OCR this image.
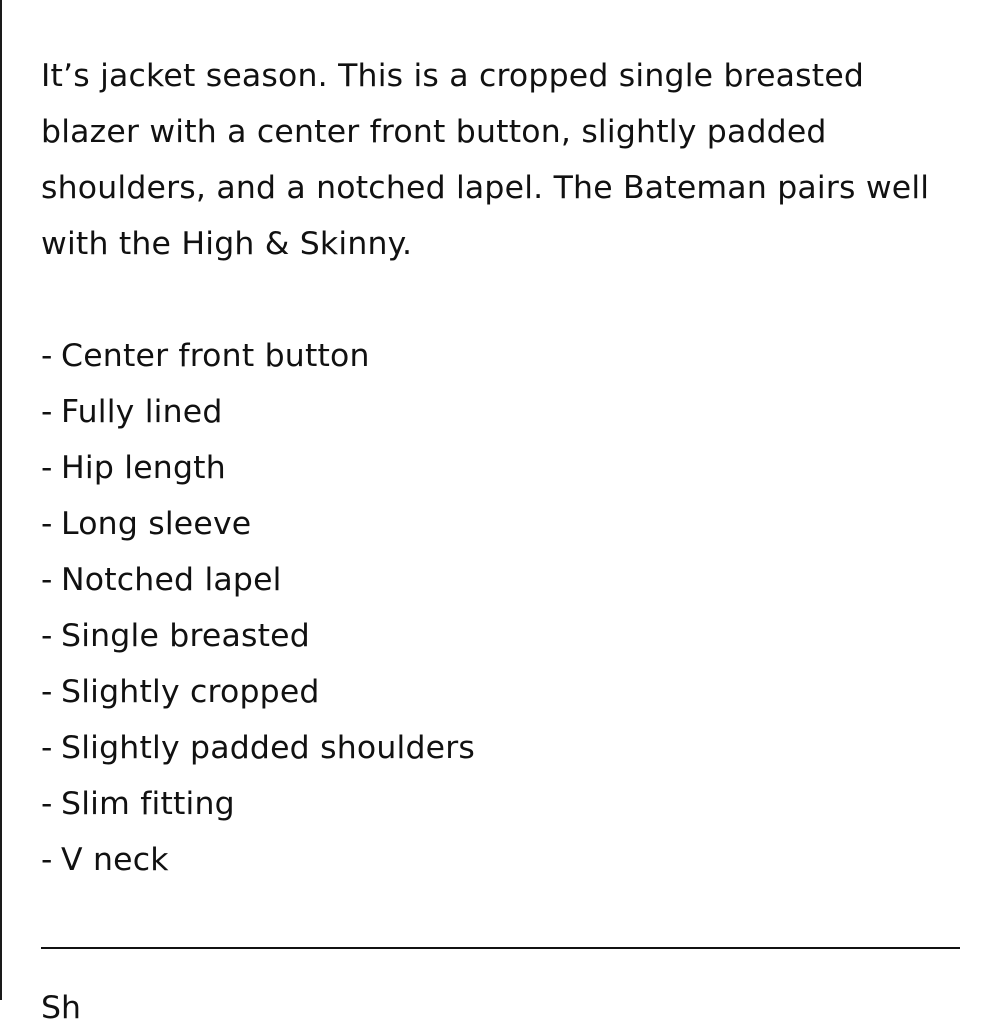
It’s jacket season. This is a cropped single breasted blazer with a center front button, slightly padded shoulders, and a notched lapel. The Bateman pairs well with the High & Skinny.

- Center front button
- Fully lined
- Hip length
- Long sleeve
- Notched lapel
- Single breasted
- Slightly cropped
- Slightly padded shoulders
- Slim fitting
- V neck
Sh
